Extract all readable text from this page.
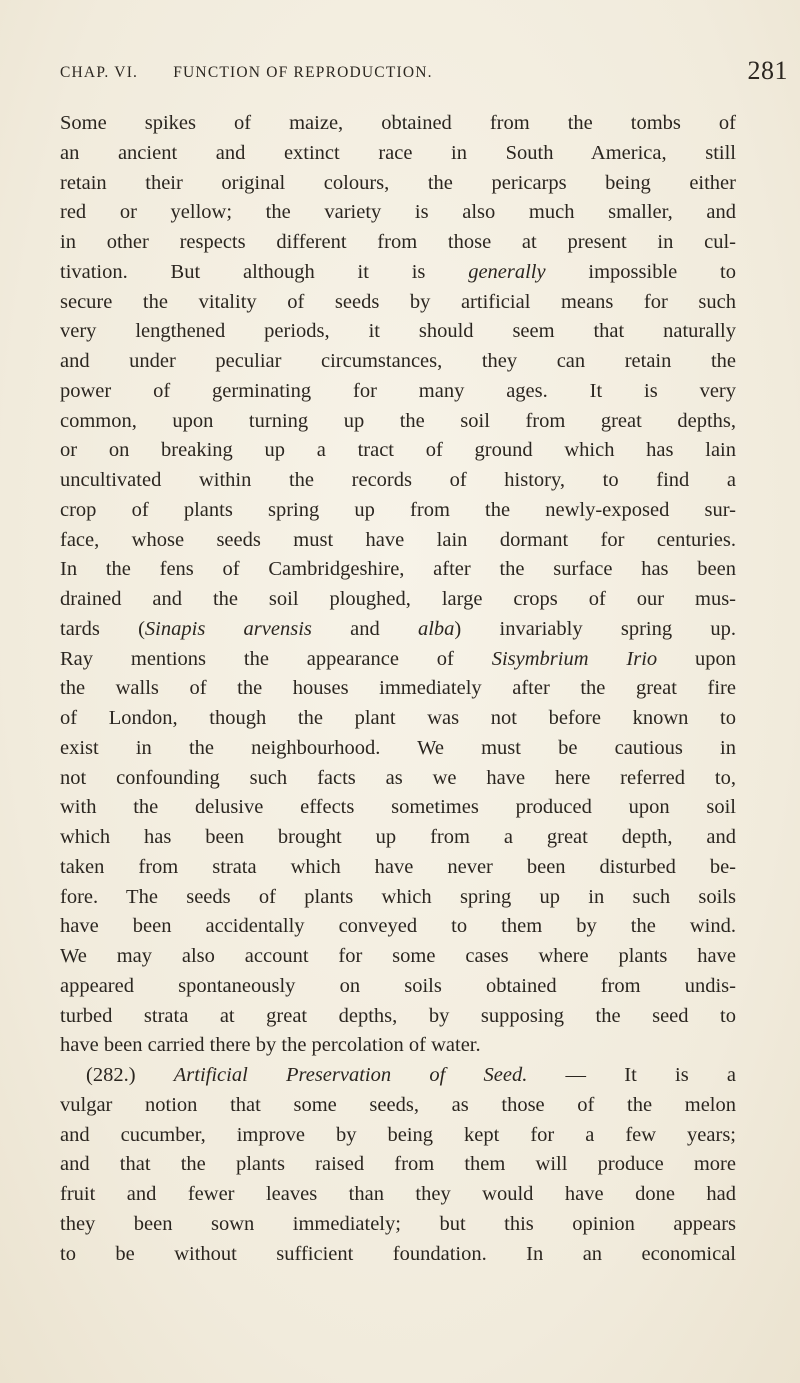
CHAP. VI. FUNCTION OF REPRODUCTION.	281

Some spikes of maize, obtained from the tombs of
an ancient and extinct race in South America, still
retain their original colours, the pericarps being either
red or yellow; the variety is also much smaller, and
in other respects different from those at present in cul-
tivation. But although it is generally impossible to
secure the vitality of seeds by artificial means for such
very lengthened periods, it should seem that naturally
and under peculiar circumstances, they can retain the
power of germinating for many ages. It is very
common, upon turning up the soil from great depths,
or on breaking up a tract of ground which has lain
uncultivated within the records of history, to find a
crop of plants spring up from the newly-exposed sur-
face, whose seeds must have lain dormant for centuries.
In the fens of Cambridgeshire, after the surface has been
drained and the soil ploughed, large crops of our mus-
tards (Sinapis arvensis and alba) invariably spring up.
Ray mentions the appearance of Sisymbrium Irio upon
the walls of the houses immediately after the great fire
of London, though the plant was not before known to
exist in the neighbourhood. We must be cautious in
not confounding such facts as we have here referred to,
with the delusive effects sometimes produced upon soil
which has been brought up from a great depth, and
taken from strata which have never been disturbed be-
fore. The seeds of plants which spring up in such soils
have been accidentally conveyed to them by the wind.
We may also account for some cases where plants have
appeared spontaneously on soils obtained from undis-
turbed strata at great depths, by supposing the seed to
have been carried there by the percolation of water.

(282.) Artificial Preservation of Seed. — It is a
vulgar notion that some seeds, as those of the melon
and cucumber, improve by being kept for a few years;
and that the plants raised from them will produce more
fruit and fewer leaves than they would have done had
they been sown immediately; but this opinion appears
to be without sufficient foundation. In an economical
